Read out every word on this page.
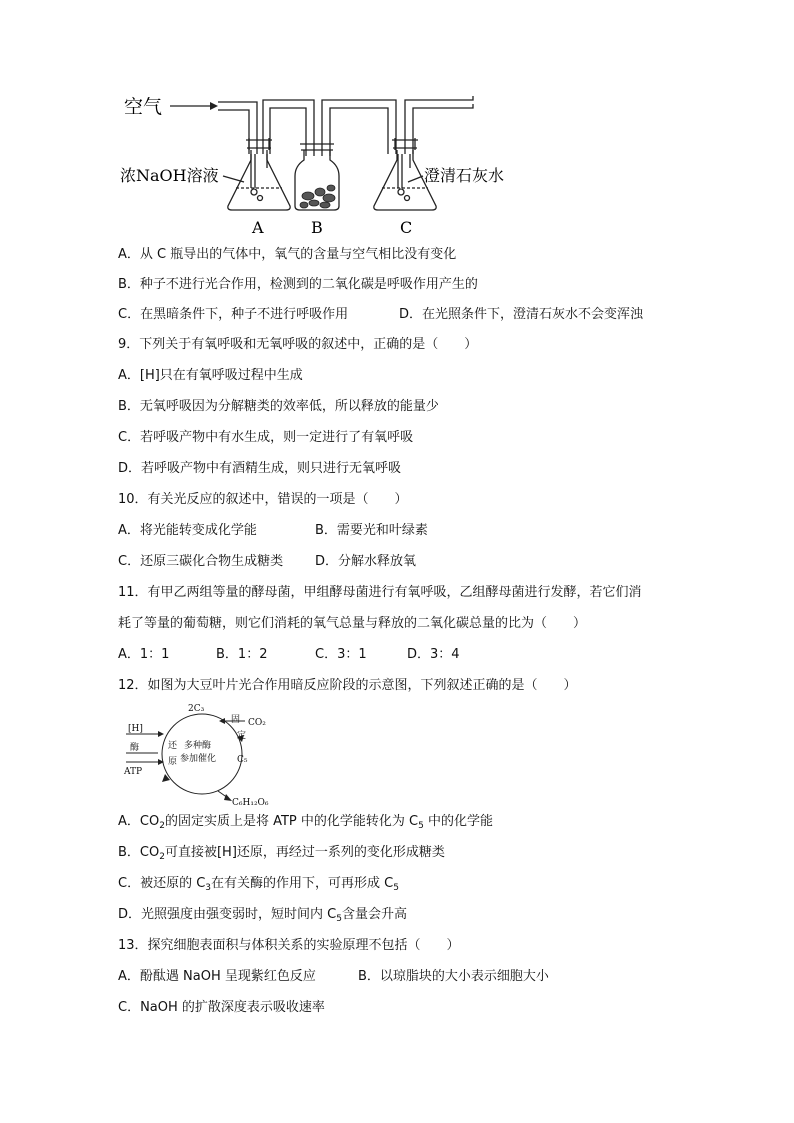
空气
浓NaOH溶液	澄清石灰水
A	B	C
A．从 C 瓶导出的气体中，氧气的含量与空气相比没有变化
B．种子不进行光合作用，检测到的二氧化碳是呼吸作用产生的
C．在黑暗条件下，种子不进行呼吸作用	D．在光照条件下，澄清石灰水不会变浑浊
9．下列关于有氧呼吸和无氧呼吸的叙述中，正确的是（　　）
A．[H]只在有氧呼吸过程中生成
B．无氧呼吸因为分解糖类的效率低，所以释放的能量少
C．若呼吸产物中有水生成，则一定进行了有氧呼吸
D．若呼吸产物中有酒精生成，则只进行无氧呼吸
10．有关光反应的叙述中，错误的一项是（　　）
A．将光能转变成化学能	B．需要光和叶绿素
C．还原三碳化合物生成糖类 D．分解水释放氧
11．有甲乙两组等量的酵母菌，甲组酵母菌进行有氧呼吸，乙组酵母菌进行发酵，若它们消
耗了等量的葡萄糖，则它们消耗的氧气总量与释放的二氧化碳总量的比为（　　）
A．1：1	B．1：2	C．3：1	D．3：4
12．如图为大豆叶片光合作用暗反应阶段的示意图，下列叙述正确的是（　　）
2C₃
CO₂
固
定
C₅
[H]
酶
ATP
还
原
多种酶
参加催化
C₆H₁₂O₆
A．$CO_2$的固定实质上是将 ATP 中的化学能转化为 $C_5$ 中的化学能
B．$CO_2$可直接被[H]还原，再经过一系列的变化形成糖类
C．被还原的 $C_3$在有关酶的作用下，可再形成 $C_5$
D．光照强度由强变弱时，短时间内 $C_5$含量会升高
13．探究细胞表面积与体积关系的实验原理不包括（　　）
A．酚酞遇 NaOH 呈现紫红色反应	B．以琼脂块的大小表示细胞大小
C．NaOH 的扩散深度表示吸收速率
